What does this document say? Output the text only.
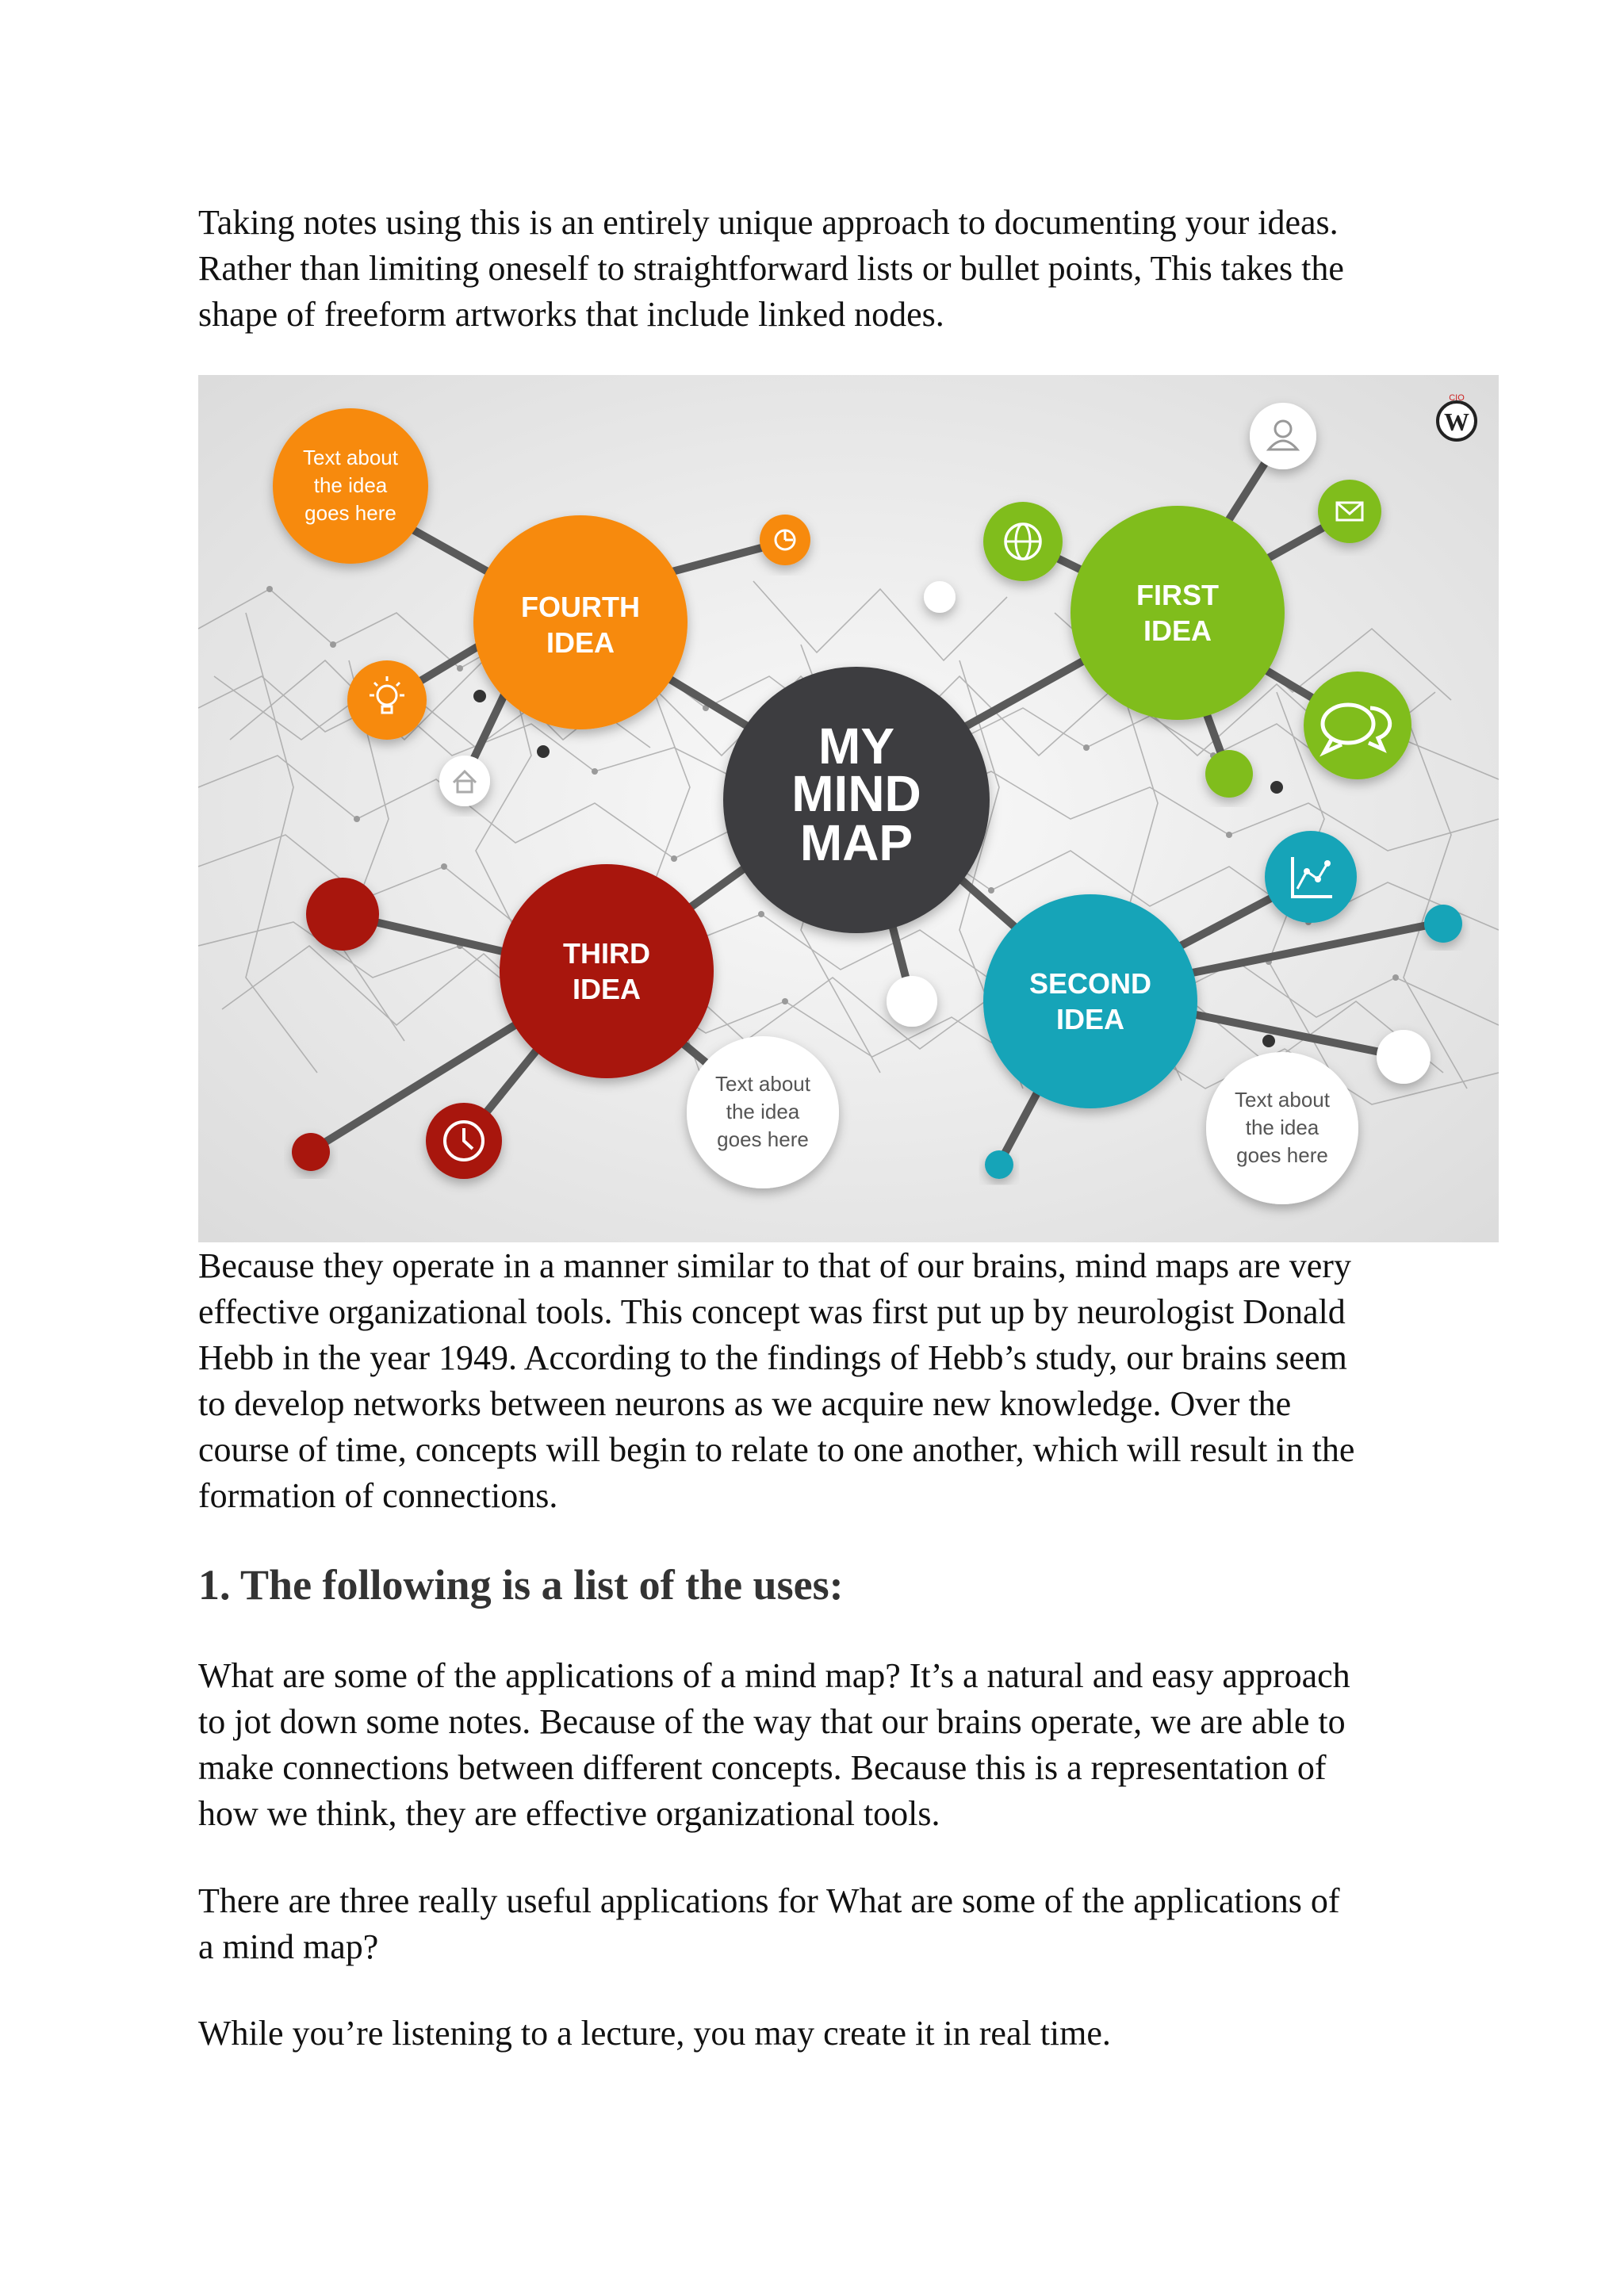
Taking notes using this is an entirely unique approach to documenting your ideas.
Rather than limiting oneself to straightforward lists or bullet points, This takes the
shape of freeform artworks that include linked nodes.

MY
MIND
MAP
FIRST
IDEA
FOURTH
IDEA
THIRD
IDEA	SECOND
IDEA
Text about
the idea
goes here
Text about
the idea
goes here
Text about
the idea
goes here
W
CIO

Because they operate in a manner similar to that of our brains, mind maps are very
effective organizational tools. This concept was first put up by neurologist Donald
Hebb in the year 1949. According to the findings of Hebb’s study, our brains seem
to develop networks between neurons as we acquire new knowledge. Over the
course of time, concepts will begin to relate to one another, which will result in the
formation of connections.

1. The following is a list of the uses:

What are some of the applications of a mind map? It’s a natural and easy approach
to jot down some notes. Because of the way that our brains operate, we are able to
make connections between different concepts. Because this is a representation of
how we think, they are effective organizational tools.

There are three really useful applications for What are some of the applications of
a mind map?

While you’re listening to a lecture, you may create it in real time.
